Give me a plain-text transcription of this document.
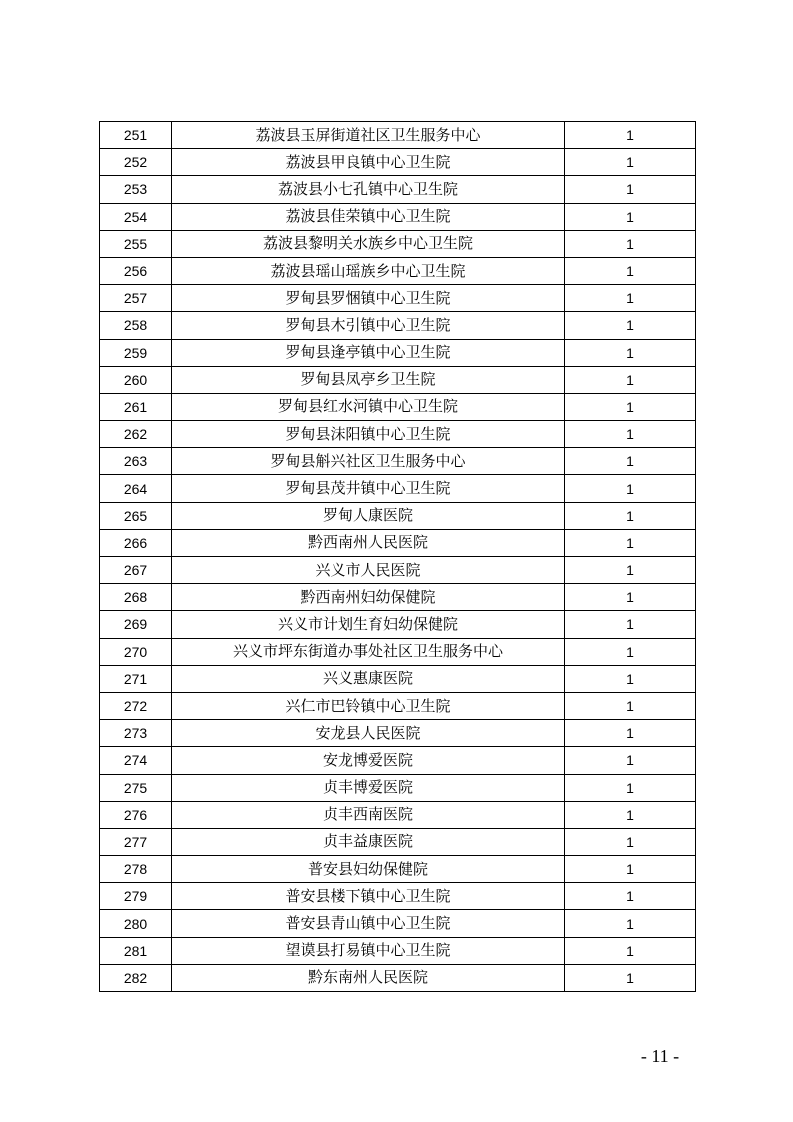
251	荔波县玉屏街道社区卫生服务中心	1
252	荔波县甲良镇中心卫生院	1
253	荔波县小七孔镇中心卫生院	1
254	荔波县佳荣镇中心卫生院	1
255	荔波县黎明关水族乡中心卫生院	1
256	荔波县瑶山瑶族乡中心卫生院	1
257	罗甸县罗悃镇中心卫生院	1
258	罗甸县木引镇中心卫生院	1
259	罗甸县逢亭镇中心卫生院	1
260	罗甸县凤亭乡卫生院	1
261	罗甸县红水河镇中心卫生院	1
262	罗甸县沫阳镇中心卫生院	1
263	罗甸县斛兴社区卫生服务中心	1
264	罗甸县茂井镇中心卫生院	1
265	罗甸人康医院	1
266	黔西南州人民医院	1
267	兴义市人民医院	1
268	黔西南州妇幼保健院	1
269	兴义市计划生育妇幼保健院	1
270	兴义市坪东街道办事处社区卫生服务中心	1
271	兴义惠康医院	1
272	兴仁市巴铃镇中心卫生院	1
273	安龙县人民医院	1
274	安龙博爱医院	1
275	贞丰博爱医院	1
276	贞丰西南医院	1
277	贞丰益康医院	1
278	普安县妇幼保健院	1
279	普安县楼下镇中心卫生院	1
280	普安县青山镇中心卫生院	1
281	望谟县打易镇中心卫生院	1
282	黔东南州人民医院	1
- 11 -
